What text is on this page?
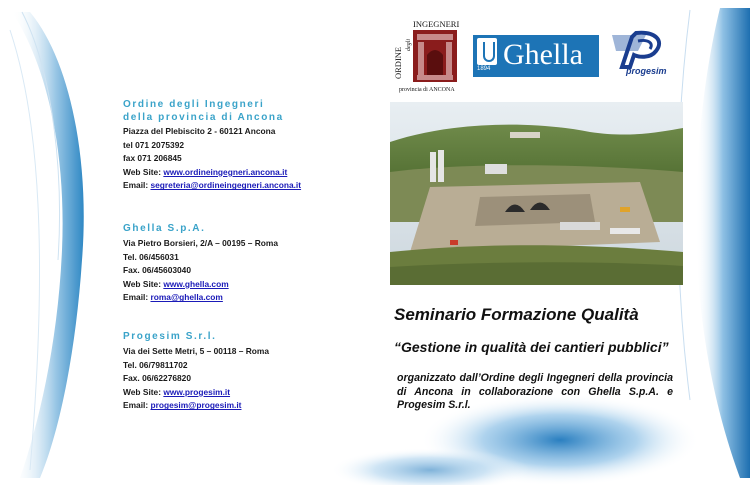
Ordine degli Ingegneri

della provincia di Ancona

Piazza del Plebiscito 2 - 60121 Ancona

tel 071 2075392

fax 071 206845

Web Site: www.ordineingegneri.ancona.it

Email: segreteria@ordineingegneri.ancona.it

Ghella S.p.A.

Via Pietro Borsieri, 2/A – 00195 – Roma

Tel. 06/456031

Fax. 06/45603040

Web Site: www.ghella.com

Email: roma@ghella.com

Progesim S.r.l.

Via dei Sette Metri, 5 – 00118 – Roma

Tel. 06/79811702

Fax. 06/62276820

Web Site: www.progesim.it

Email: progesim@progesim.it

ORDINE
degli
INGEGNERI
provincia di ANCONA
1894 Ghella	progesim
Seminario Formazione Qualità
“Gestione in qualità dei cantieri pubblici”
organizzato dall’Ordine degli Ingegneri della provincia di Ancona in collaborazione con Ghella S.p.A. e Progesim S.r.l.
